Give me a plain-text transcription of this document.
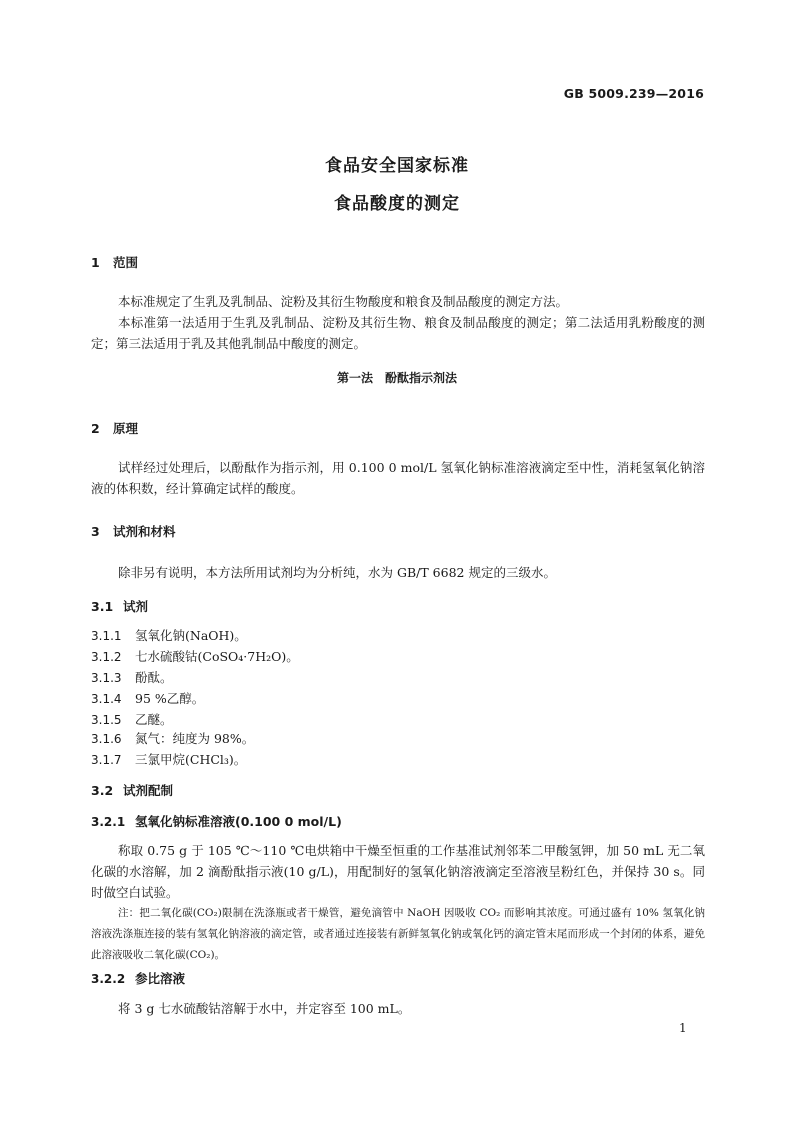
GB 5009.239—2016
食品安全国家标准
食品酸度的测定
1 范围
本标准规定了生乳及乳制品、淀粉及其衍生物酸度和粮食及制品酸度的测定方法。
本标准第一法适用于生乳及乳制品、淀粉及其衍生物、粮食及制品酸度的测定；第二法适用乳粉酸度的测定；第三法适用于乳及其他乳制品中酸度的测定。
第一法　酚酞指示剂法
2 原理
试样经过处理后，以酚酞作为指示剂，用 0.100 0 mol/L 氢氧化钠标准溶液滴定至中性，消耗氢氧化钠溶液的体积数，经计算确定试样的酸度。
3 试剂和材料
除非另有说明，本方法所用试剂均为分析纯，水为 GB/T 6682 规定的三级水。
3.1 试剂
3.1.1 氢氧化钠(NaOH)。
3.1.2 七水硫酸钴(CoSO₄·7H₂O)。
3.1.3 酚酞。
3.1.4 95 %乙醇。
3.1.5 乙醚。
3.1.6 氮气：纯度为 98%。
3.1.7 三氯甲烷(CHCl₃)。
3.2 试剂配制
3.2.1 氢氧化钠标准溶液(0.100 0 mol/L)
称取 0.75 g 于 105 ℃～110 ℃电烘箱中干燥至恒重的工作基准试剂邻苯二甲酸氢钾，加 50 mL 无二氧化碳的水溶解，加 2 滴酚酞指示液(10 g/L)，用配制好的氢氧化钠溶液滴定至溶液呈粉红色，并保持 30 s。同时做空白试验。
注：把二氧化碳(CO₂)限制在洗涤瓶或者干燥管，避免滴管中 NaOH 因吸收 CO₂ 而影响其浓度。可通过盛有 10% 氢氧化钠溶液洗涤瓶连接的装有氢氧化钠溶液的滴定管，或者通过连接装有新鲜氢氧化钠或氧化钙的滴定管末尾而形成一个封闭的体系，避免此溶液吸收二氧化碳(CO₂)。
3.2.2 参比溶液
将 3 g 七水硫酸钴溶解于水中，并定容至 100 mL。
1
